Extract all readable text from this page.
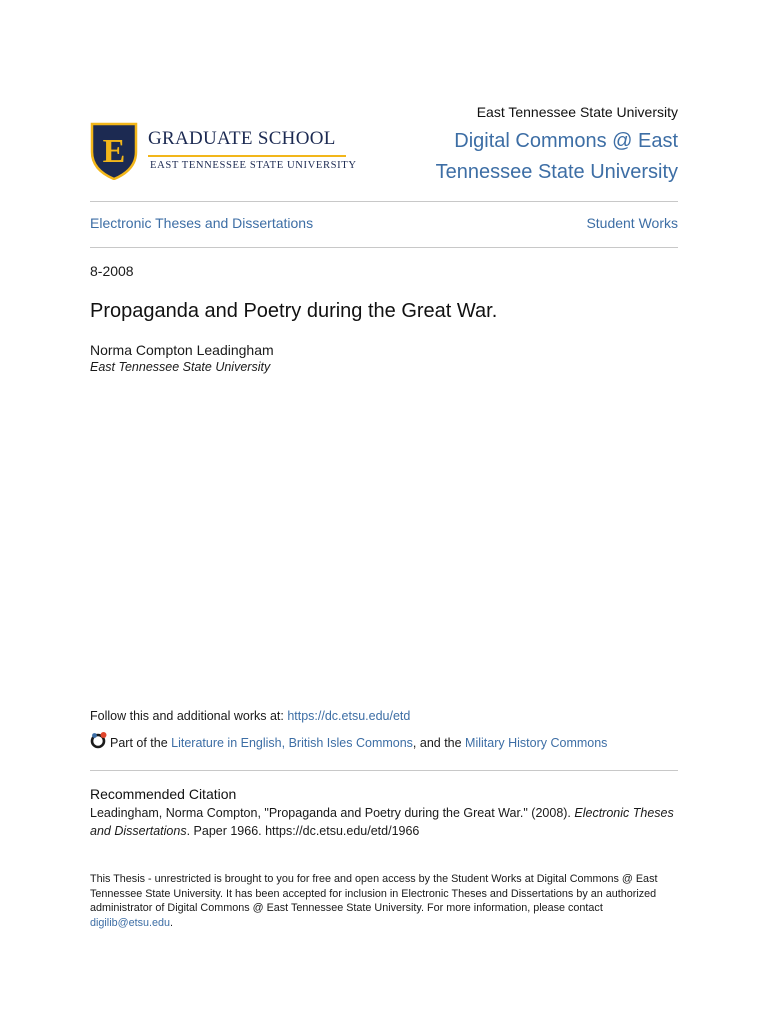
E GRADUATE SCHOOL
EAST TENNESSEE STATE UNIVERSITY
East Tennessee State University
Digital Commons @ East Tennessee State University
Electronic Theses and Dissertations	Student Works
8-2008
Propaganda and Poetry during the Great War.
Norma Compton Leadingham
East Tennessee State University
Follow this and additional works at: https://dc.etsu.edu/etd
Part of the Literature in English, British Isles Commons, and the Military History Commons
Recommended Citation
Leadingham, Norma Compton, "Propaganda and Poetry during the Great War." (2008). Electronic Theses and Dissertations. Paper 1966. https://dc.etsu.edu/etd/1966
This Thesis - unrestricted is brought to you for free and open access by the Student Works at Digital Commons @ East Tennessee State University. It has been accepted for inclusion in Electronic Theses and Dissertations by an authorized administrator of Digital Commons @ East Tennessee State University. For more information, please contact digilib@etsu.edu.
